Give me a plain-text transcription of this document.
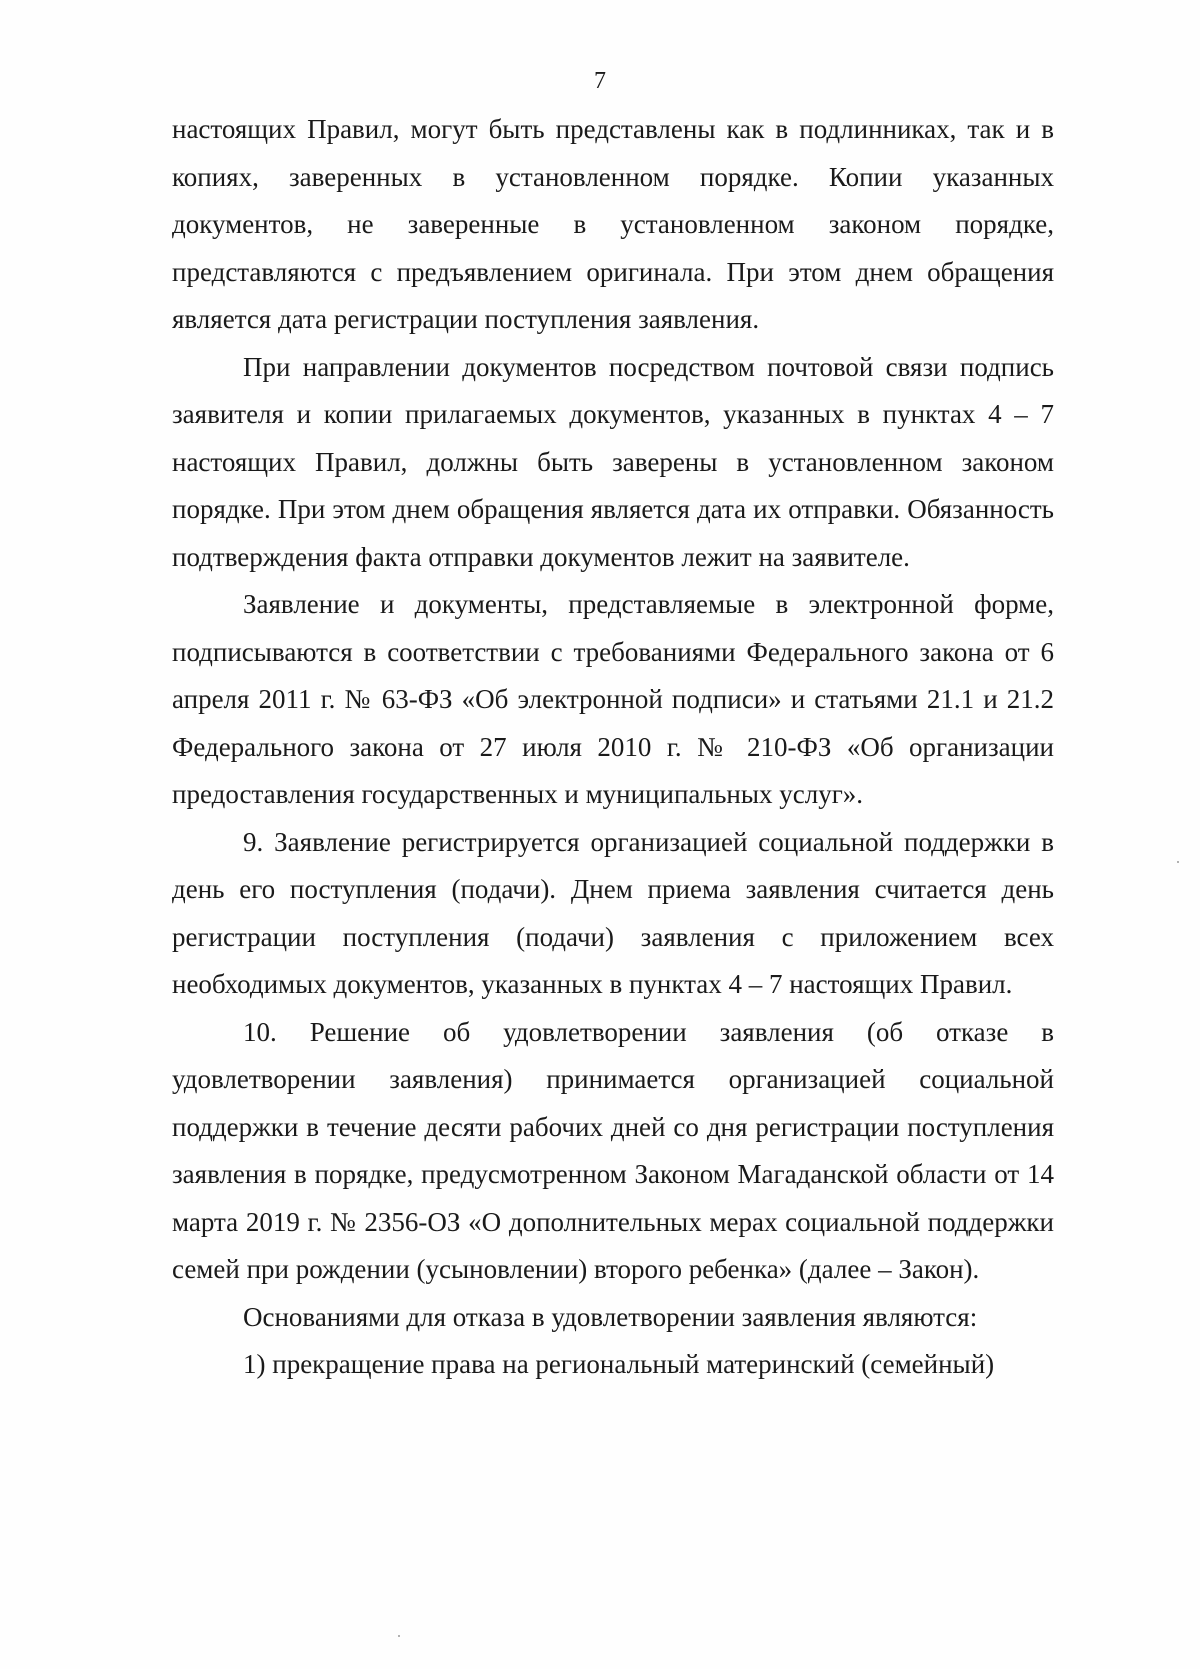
7

настоящих Правил, могут быть представлены как в подлинниках, так и в копиях, заверенных в установленном порядке. Копии указанных документов, не заверенные в установленном законом порядке, представляются с предъявлением оригинала. При этом днем обращения является дата регистрации поступления заявления.

При направлении документов посредством почтовой связи подпись заявителя и копии прилагаемых документов, указанных в пунктах 4 – 7 настоящих Правил, должны быть заверены в установленном законом порядке. При этом днем обращения является дата их отправки. Обязанность подтверждения факта отправки документов лежит на заявителе.

Заявление и документы, представляемые в электронной форме, подписываются в соответствии с требованиями Федерального закона от 6 апреля 2011 г. № 63-ФЗ «Об электронной подписи» и статьями 21.1 и 21.2 Федерального закона от 27 июля 2010 г. № 210-ФЗ «Об организации предоставления государственных и муниципальных услуг».

9. Заявление регистрируется организацией социальной поддержки в день его поступления (подачи). Днем приема заявления считается день регистрации поступления (подачи) заявления с приложением всех необходимых документов, указанных в пунктах 4 – 7 настоящих Правил.

10. Решение об удовлетворении заявления (об отказе в удовлетворении заявления) принимается организацией социальной поддержки в течение десяти рабочих дней со дня регистрации поступления заявления в порядке, предусмотренном Законом Магаданской области от 14 марта 2019 г. № 2356-ОЗ «О дополнительных мерах социальной поддержки семей при рождении (усыновлении) второго ребенка» (далее – Закон).

Основаниями для отказа в удовлетворении заявления являются:

1) прекращение права на региональный материнский (семейный)
